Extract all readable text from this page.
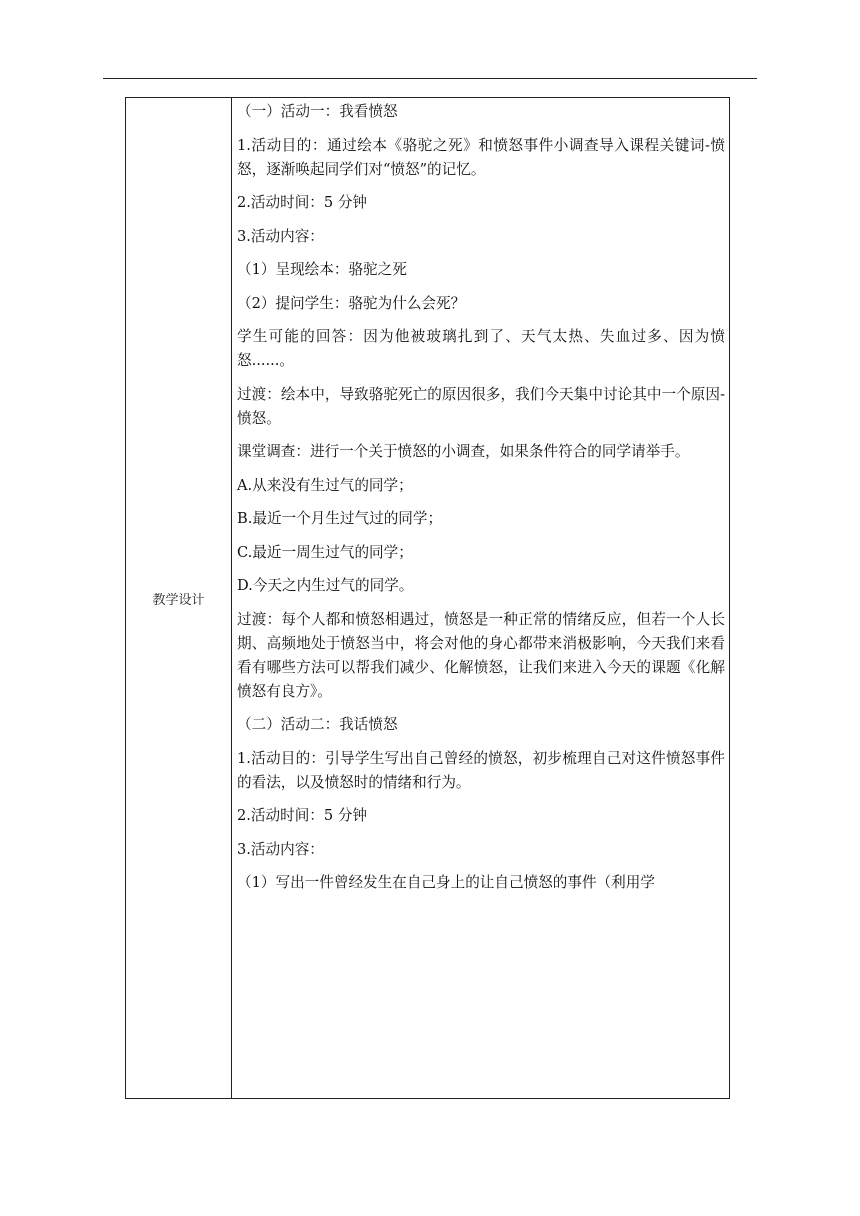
教学设计
（一）活动一：我看愤怒
1.活动目的：通过绘本《骆驼之死》和愤怒事件小调查导入课程关键词-愤怒，逐渐唤起同学们对“愤怒”的记忆。
2.活动时间：5 分钟
3.活动内容：
（1）呈现绘本：骆驼之死
（2）提问学生：骆驼为什么会死？
学生可能的回答：因为他被玻璃扎到了、天气太热、失血过多、因为愤怒......。
过渡：绘本中，导致骆驼死亡的原因很多，我们今天集中讨论其中一个原因-愤怒。
课堂调查：进行一个关于愤怒的小调查，如果条件符合的同学请举手。
A.从来没有生过气的同学；
B.最近一个月生过气过的同学；
C.最近一周生过气的同学；
D.今天之内生过气的同学。
过渡：每个人都和愤怒相遇过，愤怒是一种正常的情绪反应，但若一个人长期、高频地处于愤怒当中，将会对他的身心都带来消极影响，今天我们来看看有哪些方法可以帮我们减少、化解愤怒，让我们来进入今天的课题《化解愤怒有良方》。
（二）活动二：我话愤怒
1.活动目的：引导学生写出自己曾经的愤怒，初步梳理自己对这件愤怒事件的看法，以及愤怒时的情绪和行为。
2.活动时间：5 分钟
3.活动内容：
（1）写出一件曾经发生在自己身上的让自己愤怒的事件（利用学
